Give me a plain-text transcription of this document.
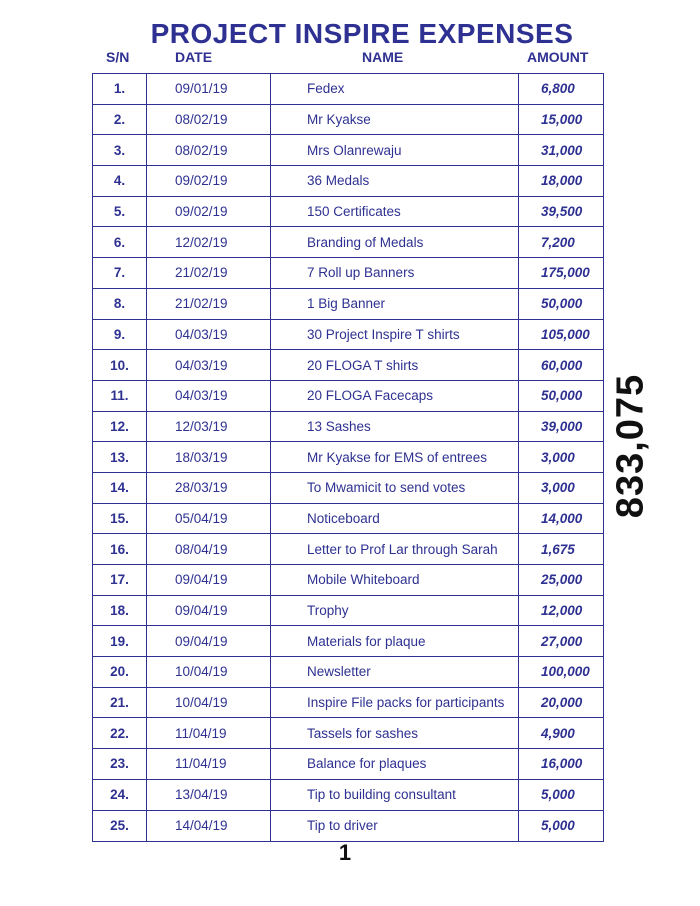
PROJECT INSPIRE EXPENSES
S/N	DATE	NAME	AMOUNT
1.	09/01/19	Fedex	6,800
2.	08/02/19	Mr Kyakse	15,000
3.	08/02/19	Mrs Olanrewaju	31,000
4.	09/02/19	36 Medals	18,000
5.	09/02/19	150 Certificates	39,500
6.	12/02/19	Branding of Medals	7,200
7.	21/02/19	7 Roll up Banners	175,000
8.	21/02/19	1 Big Banner	50,000
9.	04/03/19	30 Project Inspire T shirts	105,000
10.	04/03/19	20 FLOGA T shirts	60,000
11.	04/03/19	20 FLOGA Facecaps	50,000
12.	12/03/19	13 Sashes	39,000
13.	18/03/19	Mr Kyakse for EMS of entrees	3,000
14.	28/03/19	To Mwamicit to send votes	3,000
15.	05/04/19	Noticeboard	14,000
16.	08/04/19	Letter to Prof Lar through Sarah	1,675
17.	09/04/19	Mobile Whiteboard	25,000
18.	09/04/19	Trophy	12,000
19.	09/04/19	Materials for plaque	27,000
20.	10/04/19	Newsletter	100,000
21.	10/04/19	Inspire File packs for participants	20,000
22.	11/04/19	Tassels for sashes	4,900
23.	11/04/19	Balance for plaques	16,000
24.	13/04/19	Tip to building consultant	5,000
25.	14/04/19	Tip to driver	5,000
833,075
1
